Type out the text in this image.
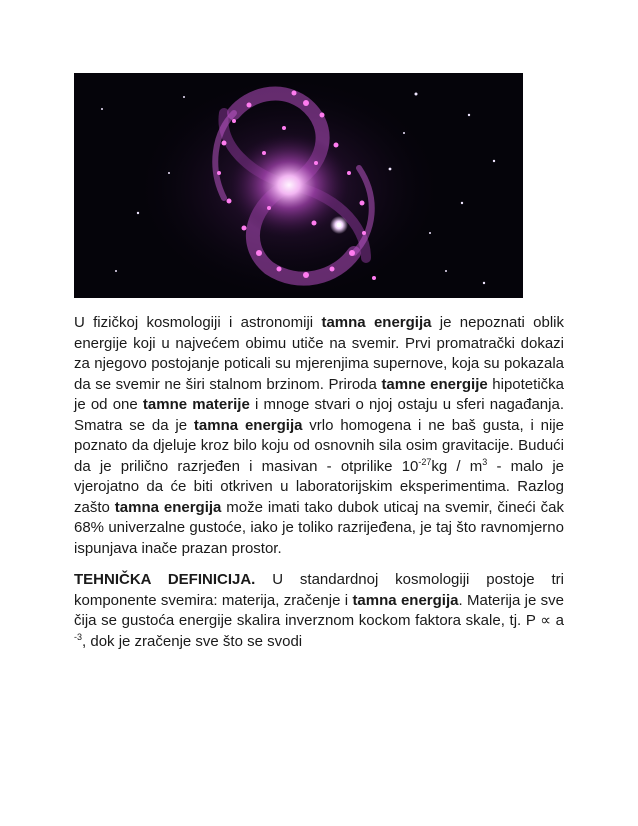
U fizičkoj kosmologiji i astronomiji tamna energija je nepoznati oblik energije koji u najvećem obimu utiče na svemir. Prvi promatrački dokazi za njegovo postojanje poticali su mjerenjima supernove, koja su pokazala da se svemir ne širi stalnom brzinom. Priroda tamne energije hipotetička je od one tamne materije i mnoge stvari o njoj ostaju u sferi nagađanja. Smatra se da je tamna energija vrlo homogena i ne baš gusta, i nije poznato da djeluje kroz bilo koju od osnovnih sila osim gravitacije. Budući da je prilično razrjeđen i masivan - otprilike $10^{-27}kg / m^3$ - malo je vjerojatno da će biti otkriven u laboratorijskim eksperimentima. Razlog zašto tamna energija može imati tako dubok uticaj na svemir, čineći čak 68% univerzalne gustoće, iako je toliko razrijeđena, je taj što ravnomjerno ispunjava inače prazan prostor.

TEHNIČKA DEFINICIJA. U standardnoj kosmologiji postoje tri komponente svemira: materija, zračenje i tamna energija. Materija je sve čija se gustoća energije skalira inverznom kockom faktora skale, tj. Ρ ∝ a $^{-3}$, dok je zračenje sve što se svodi
